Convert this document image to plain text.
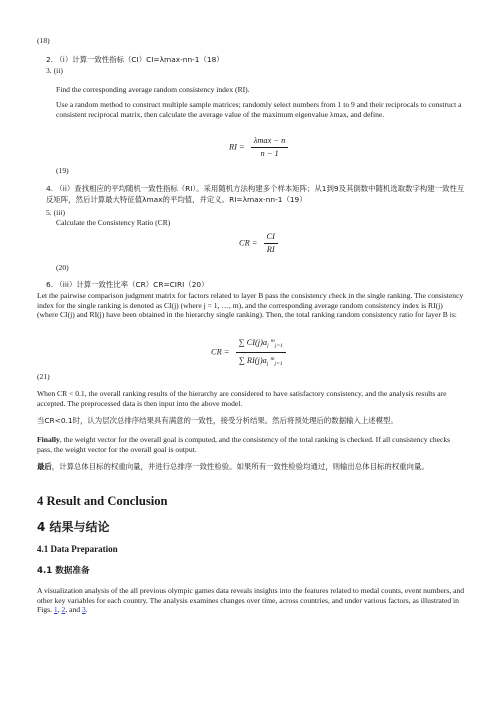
(18)
2. （i）计算一致性指标（CI）CI=λmax-nn-1（18）
3. (ii)
Find the corresponding average random consistency index (RI).
Use a random method to construct multiple sample matrices; randomly select numbers from 1 to 9 and their reciprocals to construct a consistent reciprocal matrix, then calculate the average value of the maximum eigenvalue λmax, and define.
RI = $\frac{\lambda\max - n}{n - 1}$
(19)
4. （ii）查找相应的平均随机一致性指标（RI）。采用随机方法构建多个样本矩阵；从1到9及其倒数中随机选取数字构建一致性互反矩阵，然后计算最大特征值λmax的平均值，并定义。RI=λmax-nn-1（19）
5. (iii)
Calculate the Consistency Ratio (CR)
CR = $\frac{CI}{RI}$
(20)
6. （iii）计算一致性比率（CR）CR=CIRI（20）
Let the pairwise comparison judgment matrix for factors related to layer B pass the consistency check in the single ranking. The consistency index for the single ranking is denoted as CI(j) (where j = 1, …, m), and the corresponding average random consistency index is RI(j) (where CI(j) and RI(j) have been obtained in the hierarchy single ranking). Then, the total ranking random consistency ratio for layer B is:
CR = $\frac{\sum CI(j)a_j ^m_{j=1}}{\sum RI(j)a_j ^m_{j=1}}$
(21)
When CR < 0.1, the overall ranking results of the hierarchy are considered to have satisfactory consistency, and the analysis results are accepted. The preprocessed data is then input into the above model.
当CR<0.1时，认为层次总排序结果具有满意的一致性，接受分析结果。然后将预处理后的数据输入上述模型。
Finally, the weight vector for the overall goal is computed, and the consistency of the total ranking is checked. If all consistency checks pass, the weight vector for the overall goal is output.
最后，计算总体目标的权重向量，并进行总排序一致性检验。如果所有一致性检验均通过，则输出总体目标的权重向量。
4 Result and Conclusion
4 结果与结论
4.1 Data Preparation
4.1 数据准备
A visualization analysis of the all previous olympic games data reveals insights into the features related to medal counts, event numbers, and other key variables for each country. The analysis examines changes over time, across countries, and under various factors, as illustrated in Figs. 1, 2, and 3.
